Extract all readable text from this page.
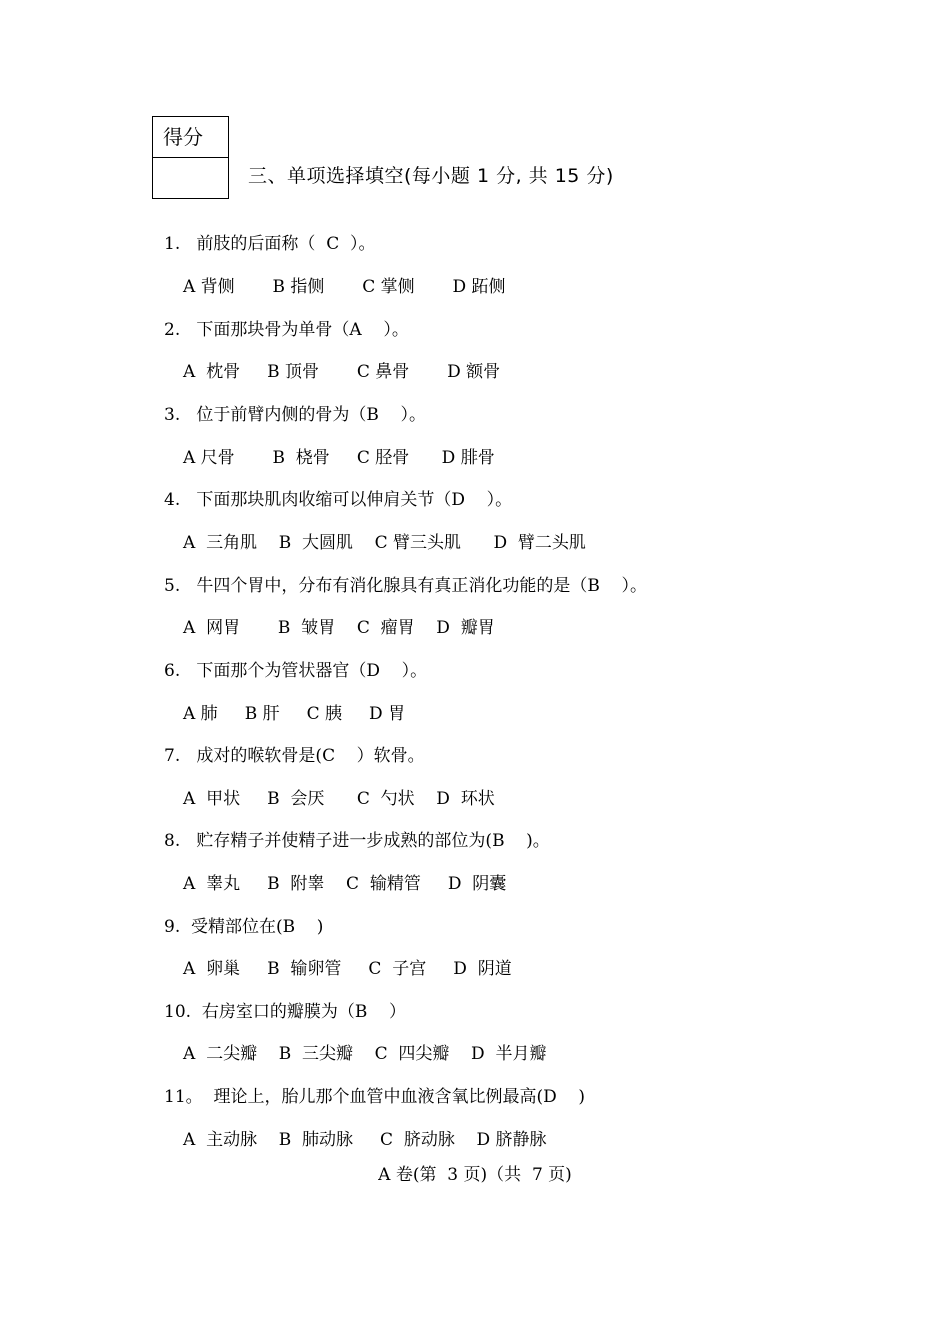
得分
三、单项选择填空(每小题 1 分, 共 15 分)
1.   前肢的后面称（  C  ）。
A 背侧       B 指侧       C 掌侧       D 跖侧
2.   下面那块骨为单骨（A    ）。
A  枕骨     B 顶骨       C 鼻骨       D 额骨
3.   位于前臂内侧的骨为（B    ）。
A 尺骨       B  桡骨     C 胫骨      D 腓骨
4.   下面那块肌肉收缩可以伸肩关节（D    ）。
A  三角肌    B  大圆肌    C 臂三头肌      D  臂二头肌
5.   牛四个胃中，分布有消化腺具有真正消化功能的是（B    ）。
A  网胃       B  皱胃    C  瘤胃    D  瓣胃
6.   下面那个为管状器官（D    ）。
A 肺     B 肝     C 胰     D 胃
7.   成对的喉软骨是(C    ）软骨。
A  甲状     B  会厌      C  勺状    D  环状
8.   贮存精子并使精子进一步成熟的部位为(B    )。
A  睾丸     B  附睾    C  输精管     D  阴囊
9.  受精部位在(B    )
A  卵巢     B  输卵管     C  子宫     D  阴道
10.  右房室口的瓣膜为（B    ）
A  二尖瓣    B  三尖瓣    C  四尖瓣    D  半月瓣
11。  理论上，胎儿那个血管中血液含氧比例最高(D    )
A  主动脉    B  肺动脉     C  脐动脉    D 脐静脉
A 卷(第  3 页)（共  7 页)
